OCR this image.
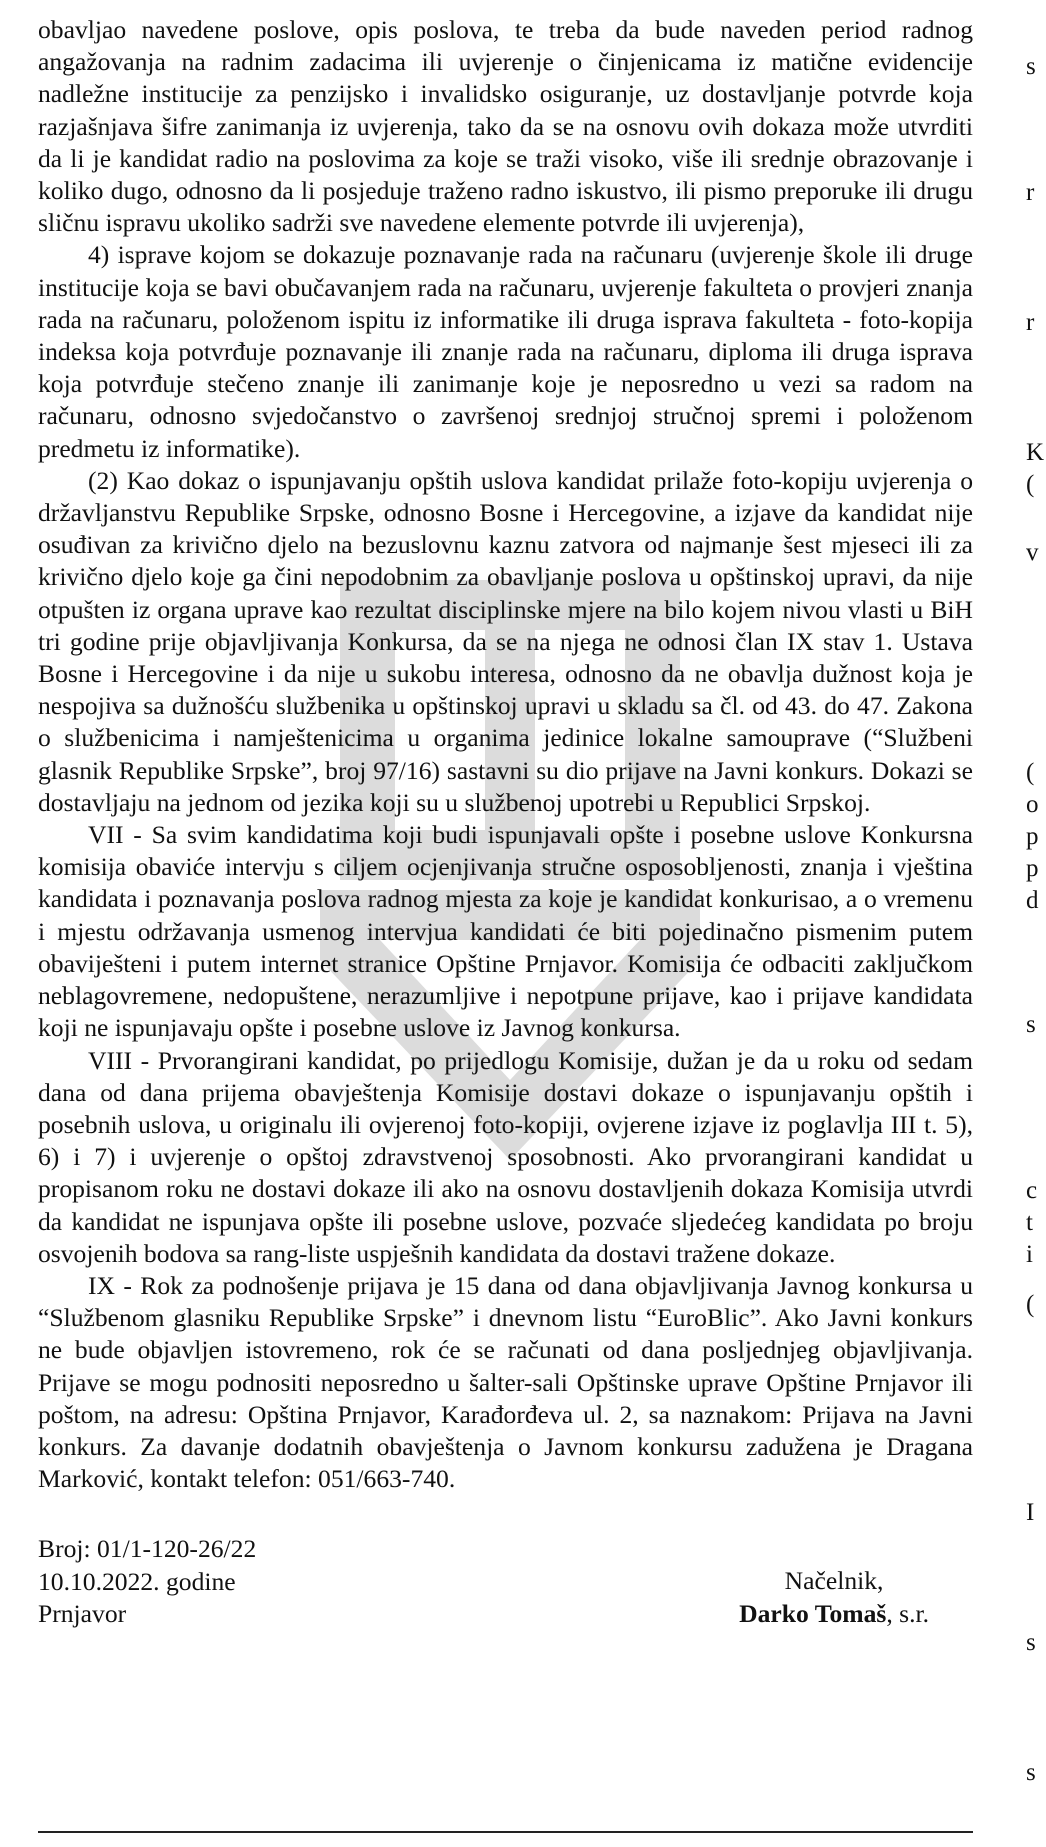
obavljao navedene poslove, opis poslova, te treba da bude naveden period radnog angažovanja na radnim zadacima ili uvjerenje o činjenicama iz matične evidencije nadležne institucije za penzijsko i invalidsko osiguranje, uz dostavljanje potvrde koja razjašnjava šifre zanimanja iz uvjerenja, tako da se na osnovu ovih dokaza može utvrditi da li je kandidat radio na poslovima za koje se traži visoko, više ili srednje obrazovanje i koliko dugo, odnosno da li posjeduje traženo radno iskustvo, ili pismo preporuke ili drugu sličnu ispravu ukoliko sadrži sve navedene elemente potvrde ili uvjerenja),

4) isprave kojom se dokazuje poznavanje rada na računaru (uvjerenje škole ili druge institucije koja se bavi obučavanjem rada na računaru, uvjerenje fakulteta o provjeri znanja rada na računaru, položenom ispitu iz informatike ili druga isprava fakulteta - foto-kopija indeksa koja potvrđuje poznavanje ili znanje rada na računaru, diploma ili druga isprava koja potvrđuje stečeno znanje ili zanimanje koje je neposredno u vezi sa radom na računaru, odnosno svjedočanstvo o završenoj srednjoj stručnoj spremi i položenom predmetu iz informatike).

(2) Kao dokaz o ispunjavanju opštih uslova kandidat prilaže foto-kopiju uvjerenja o državljanstvu Republike Srpske, odnosno Bosne i Hercegovine, a izjave da kandidat nije osuđivan za krivično djelo na bezuslovnu kaznu zatvora od najmanje šest mjeseci ili za krivično djelo koje ga čini nepodobnim za obavljanje poslova u opštinskoj upravi, da nije otpušten iz organa uprave kao rezultat disciplinske mjere na bilo kojem nivou vlasti u BiH tri godine prije objavljivanja Konkursa, da se na njega ne odnosi član IX stav 1. Ustava Bosne i Hercegovine i da nije u sukobu interesa, odnosno da ne obavlja dužnost koja je nespojiva sa dužnošću službenika u opštinskoj upravi u skladu sa čl. od 43. do 47. Zakona o službenicima i namještenicima u organima jedinice lokalne samouprave (“Službeni glasnik Republike Srpske”, broj 97/16) sastavni su dio prijave na Javni konkurs. Dokazi se dostavljaju na jednom od jezika koji su u službenoj upotrebi u Republici Srpskoj.

VII - Sa svim kandidatima koji budi ispunjavali opšte i posebne uslove Konkursna komisija obaviće intervju s ciljem ocjenjivanja stručne osposobljenosti, znanja i vještina kandidata i poznavanja poslova radnog mjesta za koje je kandidat konkurisao, a o vremenu i mjestu održavanja usmenog intervjua kandidati će biti pojedinačno pismenim putem obaviješteni i putem internet stranice Opštine Prnjavor. Komisija će odbaciti zaključkom neblagovremene, nedopuštene, nerazumljive i nepotpune prijave, kao i prijave kandidata koji ne ispunjavaju opšte i posebne uslove iz Javnog konkursa.

VIII - Prvorangirani kandidat, po prijedlogu Komisije, dužan je da u roku od sedam dana od dana prijema obavještenja Komisije dostavi dokaze o ispunjavanju opštih i posebnih uslova, u originalu ili ovjerenoj foto-kopiji, ovjerene izjave iz poglavlja III t. 5), 6) i 7) i uvjerenje o opštoj zdravstvenoj sposobnosti. Ako prvorangirani kandidat u propisanom roku ne dostavi dokaze ili ako na osnovu dostavljenih dokaza Komisija utvrdi da kandidat ne ispunjava opšte ili posebne uslove, pozvaće sljedećeg kandidata po broju osvojenih bodova sa rang-liste uspješnih kandidata da dostavi tražene dokaze.

IX - Rok za podnošenje prijava je 15 dana od dana objavljivanja Javnog konkursa u “Službenom glasniku Republike Srpske” i dnevnom listu “EuroBlic”. Ako Javni konkurs ne bude objavljen istovremeno, rok će se računati od dana posljednjeg objavljivanja. Prijave se mogu podnositi neposredno u šalter-sali Opštinske uprave Opštine Prnjavor ili poštom, na adresu: Opština Prnjavor, Karađorđeva ul. 2, sa naznakom: Prijava na Javni konkurs. Za davanje dodatnih obavještenja o Javnom konkursu zadužena je Dragana Marković, kontakt telefon: 051/663-740.

Broj: 01/1-120-26/22
10.10.2022. godine
Prnjavor
Načelnik,
Darko Tomaš, s.r.
s
r
r
K
(
v
(
o
p
p
d
s
c
t
i
(
I
s
s
